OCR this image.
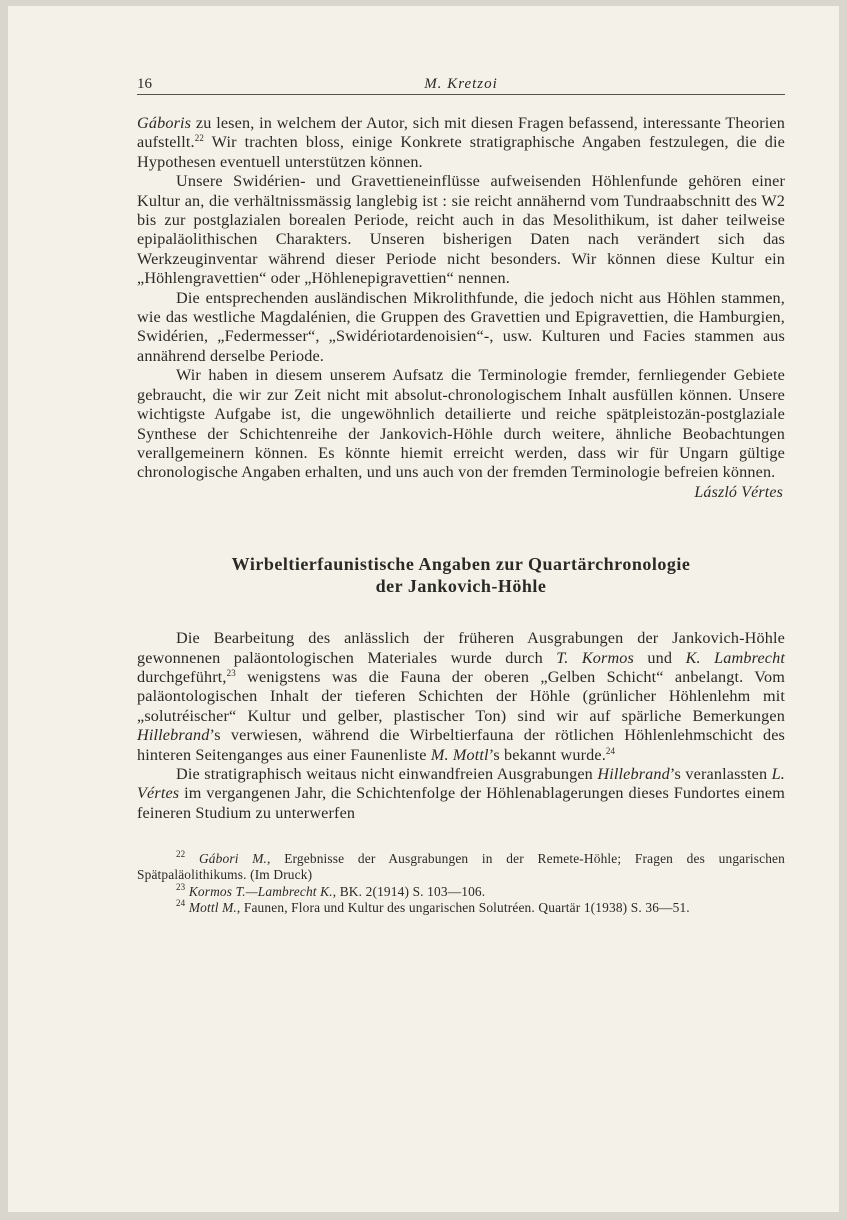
16	M. Kretzoi

Gáboris zu lesen, in welchem der Autor, sich mit diesen Fragen befassend, interessante Theorien aufstellt.$^{22}$ Wir trachten bloss, einige Konkrete stratigraphische Angaben festzulegen, die die Hypothesen eventuell unterstützen können.

Unsere Swidérien- und Gravettieneinflüsse aufweisenden Höhlenfunde gehören einer Kultur an, die verhältnissmässig langlebig ist : sie reicht annähernd vom Tundraabschnitt des W2 bis zur postglazialen borealen Periode, reicht auch in das Mesolithikum, ist daher teilweise epipaläolithischen Charakters. Unseren bisherigen Daten nach verändert sich das Werkzeuginventar während dieser Periode nicht besonders. Wir können diese Kultur ein „Höhlengravettien“ oder „Höhlenepigravettien“ nennen.

Die entsprechenden ausländischen Mikrolithfunde, die jedoch nicht aus Höhlen stammen, wie das westliche Magdalénien, die Gruppen des Gravettien und Epigravettien, die Hamburgien, Swidérien, „Federmesser“, „Swidériotardenoisien“-, usw. Kulturen und Facies stammen aus annährend derselbe Periode.

Wir haben in diesem unserem Aufsatz die Terminologie fremder, fernliegender Gebiete gebraucht, die wir zur Zeit nicht mit absolut-chronologischem Inhalt ausfüllen können. Unsere wichtigste Aufgabe ist, die ungewöhnlich detailierte und reiche spätpleistozän-postglaziale Synthese der Schichtenreihe der Jankovich-Höhle durch weitere, ähnliche Beobachtungen verallgemeinern können. Es könnte hiemit erreicht werden, dass wir für Ungarn gültige chronologische Angaben erhalten, und uns auch von der fremden Terminologie befreien können.

László Vértes
Wirbeltierfaunistische Angaben zur Quartärchronologie
der Jankovich-Höhle

Die Bearbeitung des anlässlich der früheren Ausgrabungen der Jankovich-Höhle gewonnenen paläontologischen Materiales wurde durch T. Kormos und K. Lambrecht durchgeführt,$^{23}$ wenigstens was die Fauna der oberen „Gelben Schicht“ anbelangt. Vom paläontologischen Inhalt der tieferen Schichten der Höhle (grünlicher Höhlenlehm mit „solutréischer“ Kultur und gelber, plastischer Ton) sind wir auf spärliche Bemerkungen Hillebrand’s verwiesen, während die Wirbeltierfauna der rötlichen Höhlenlehmschicht des hinteren Seitenganges aus einer Faunenliste M. Mottl’s bekannt wurde.$^{24}$

Die stratigraphisch weitaus nicht einwandfreien Ausgrabungen Hillebrand’s veranlassten L. Vértes im vergangenen Jahr, die Schichtenfolge der Höhlenablagerungen dieses Fundortes einem feineren Studium zu unterwerfen

$^{22}$ Gábori M., Ergebnisse der Ausgrabungen in der Remete-Höhle; Fragen des ungarischen Spätpaläolithikums. (Im Druck)

$^{23}$ Kormos T.—Lambrecht K., BK. 2(1914) S. 103—106.

$^{24}$ Mottl M., Faunen, Flora und Kultur des ungarischen Solutréen. Quartär 1(1938) S. 36—51.
